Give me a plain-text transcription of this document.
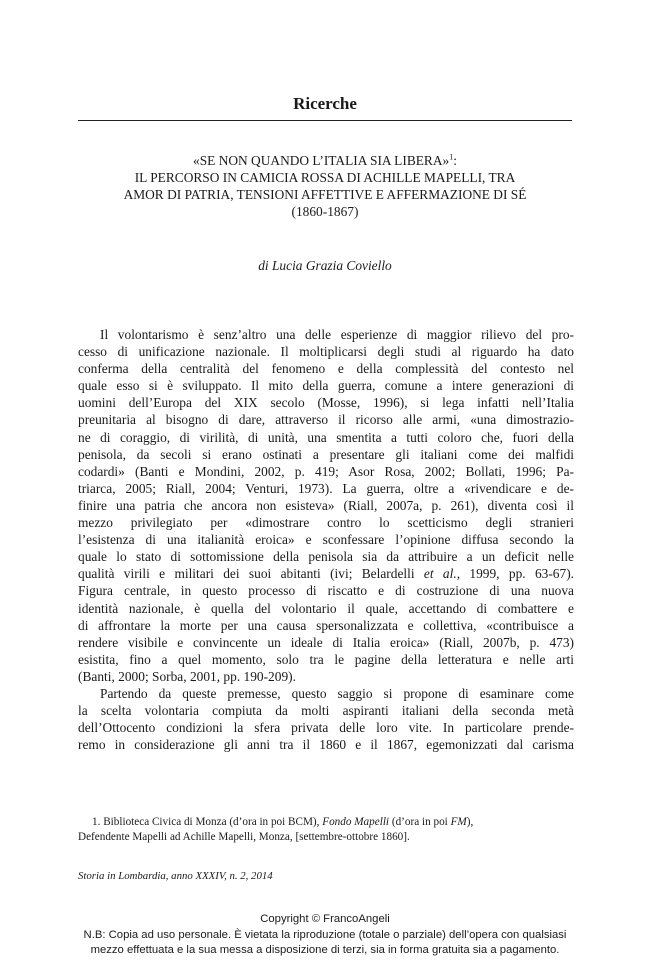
Ricerche
«SE NON QUANDO L’ITALIA SIA LIBERA»$^1$:
IL PERCORSO IN CAMICIA ROSSA DI ACHILLE MAPELLI, TRA
AMOR DI PATRIA, TENSIONI AFFETTIVE E AFFERMAZIONE DI SÉ
(1860-1867)
di Lucia Grazia Coviello
Il volontarismo è senz’altro una delle esperienze di maggior rilievo del pro-
cesso di unificazione nazionale. Il moltiplicarsi degli studi al riguardo ha dato
conferma della centralità del fenomeno e della complessità del contesto nel
quale esso si è sviluppato. Il mito della guerra, comune a intere generazioni di
uomini dell’Europa del XIX secolo (Mosse, 1996), si lega infatti nell’Italia
preunitaria al bisogno di dare, attraverso il ricorso alle armi, «una dimostrazio-
ne di coraggio, di virilità, di unità, una smentita a tutti coloro che, fuori della
penisola, da secoli si erano ostinati a presentare gli italiani come dei malfidi
codardi» (Banti e Mondini, 2002, p. 419; Asor Rosa, 2002; Bollati, 1996; Pa-
triarca, 2005; Riall, 2004; Venturi, 1973). La guerra, oltre a «rivendicare e de-
finire una patria che ancora non esisteva» (Riall, 2007a, p. 261), diventa così il
mezzo privilegiato per «dimostrare contro lo scetticismo degli stranieri
l’esistenza di una italianità eroica» e sconfessare l’opinione diffusa secondo la
quale lo stato di sottomissione della penisola sia da attribuire a un deficit nelle
qualità virili e militari dei suoi abitanti (ivi; Belardelli et al., 1999, pp. 63-67).
Figura centrale, in questo processo di riscatto e di costruzione di una nuova
identità nazionale, è quella del volontario il quale, accettando di combattere e
di affrontare la morte per una causa spersonalizzata e collettiva, «contribuisce a
rendere visibile e convincente un ideale di Italia eroica» (Riall, 2007b, p. 473)
esistita, fino a quel momento, solo tra le pagine della letteratura e nelle arti
(Banti, 2000; Sorba, 2001, pp. 190-209).
Partendo da queste premesse, questo saggio si propone di esaminare come
la scelta volontaria compiuta da molti aspiranti italiani della seconda metà
dell’Ottocento condizioni la sfera privata delle loro vite. In particolare prende-
remo in considerazione gli anni tra il 1860 e il 1867, egemonizzati dal carisma
1. Biblioteca Civica di Monza (d’ora in poi BCM), Fondo Mapelli (d’ora in poi FM),
Defendente Mapelli ad Achille Mapelli, Monza, [settembre-ottobre 1860].
Storia in Lombardia, anno XXXIV, n. 2, 2014
Copyright © FrancoAngeli
N.B: Copia ad uso personale. È vietata la riproduzione (totale o parziale) dell’opera con qualsiasi
mezzo effettuata e la sua messa a disposizione di terzi, sia in forma gratuita sia a pagamento.
